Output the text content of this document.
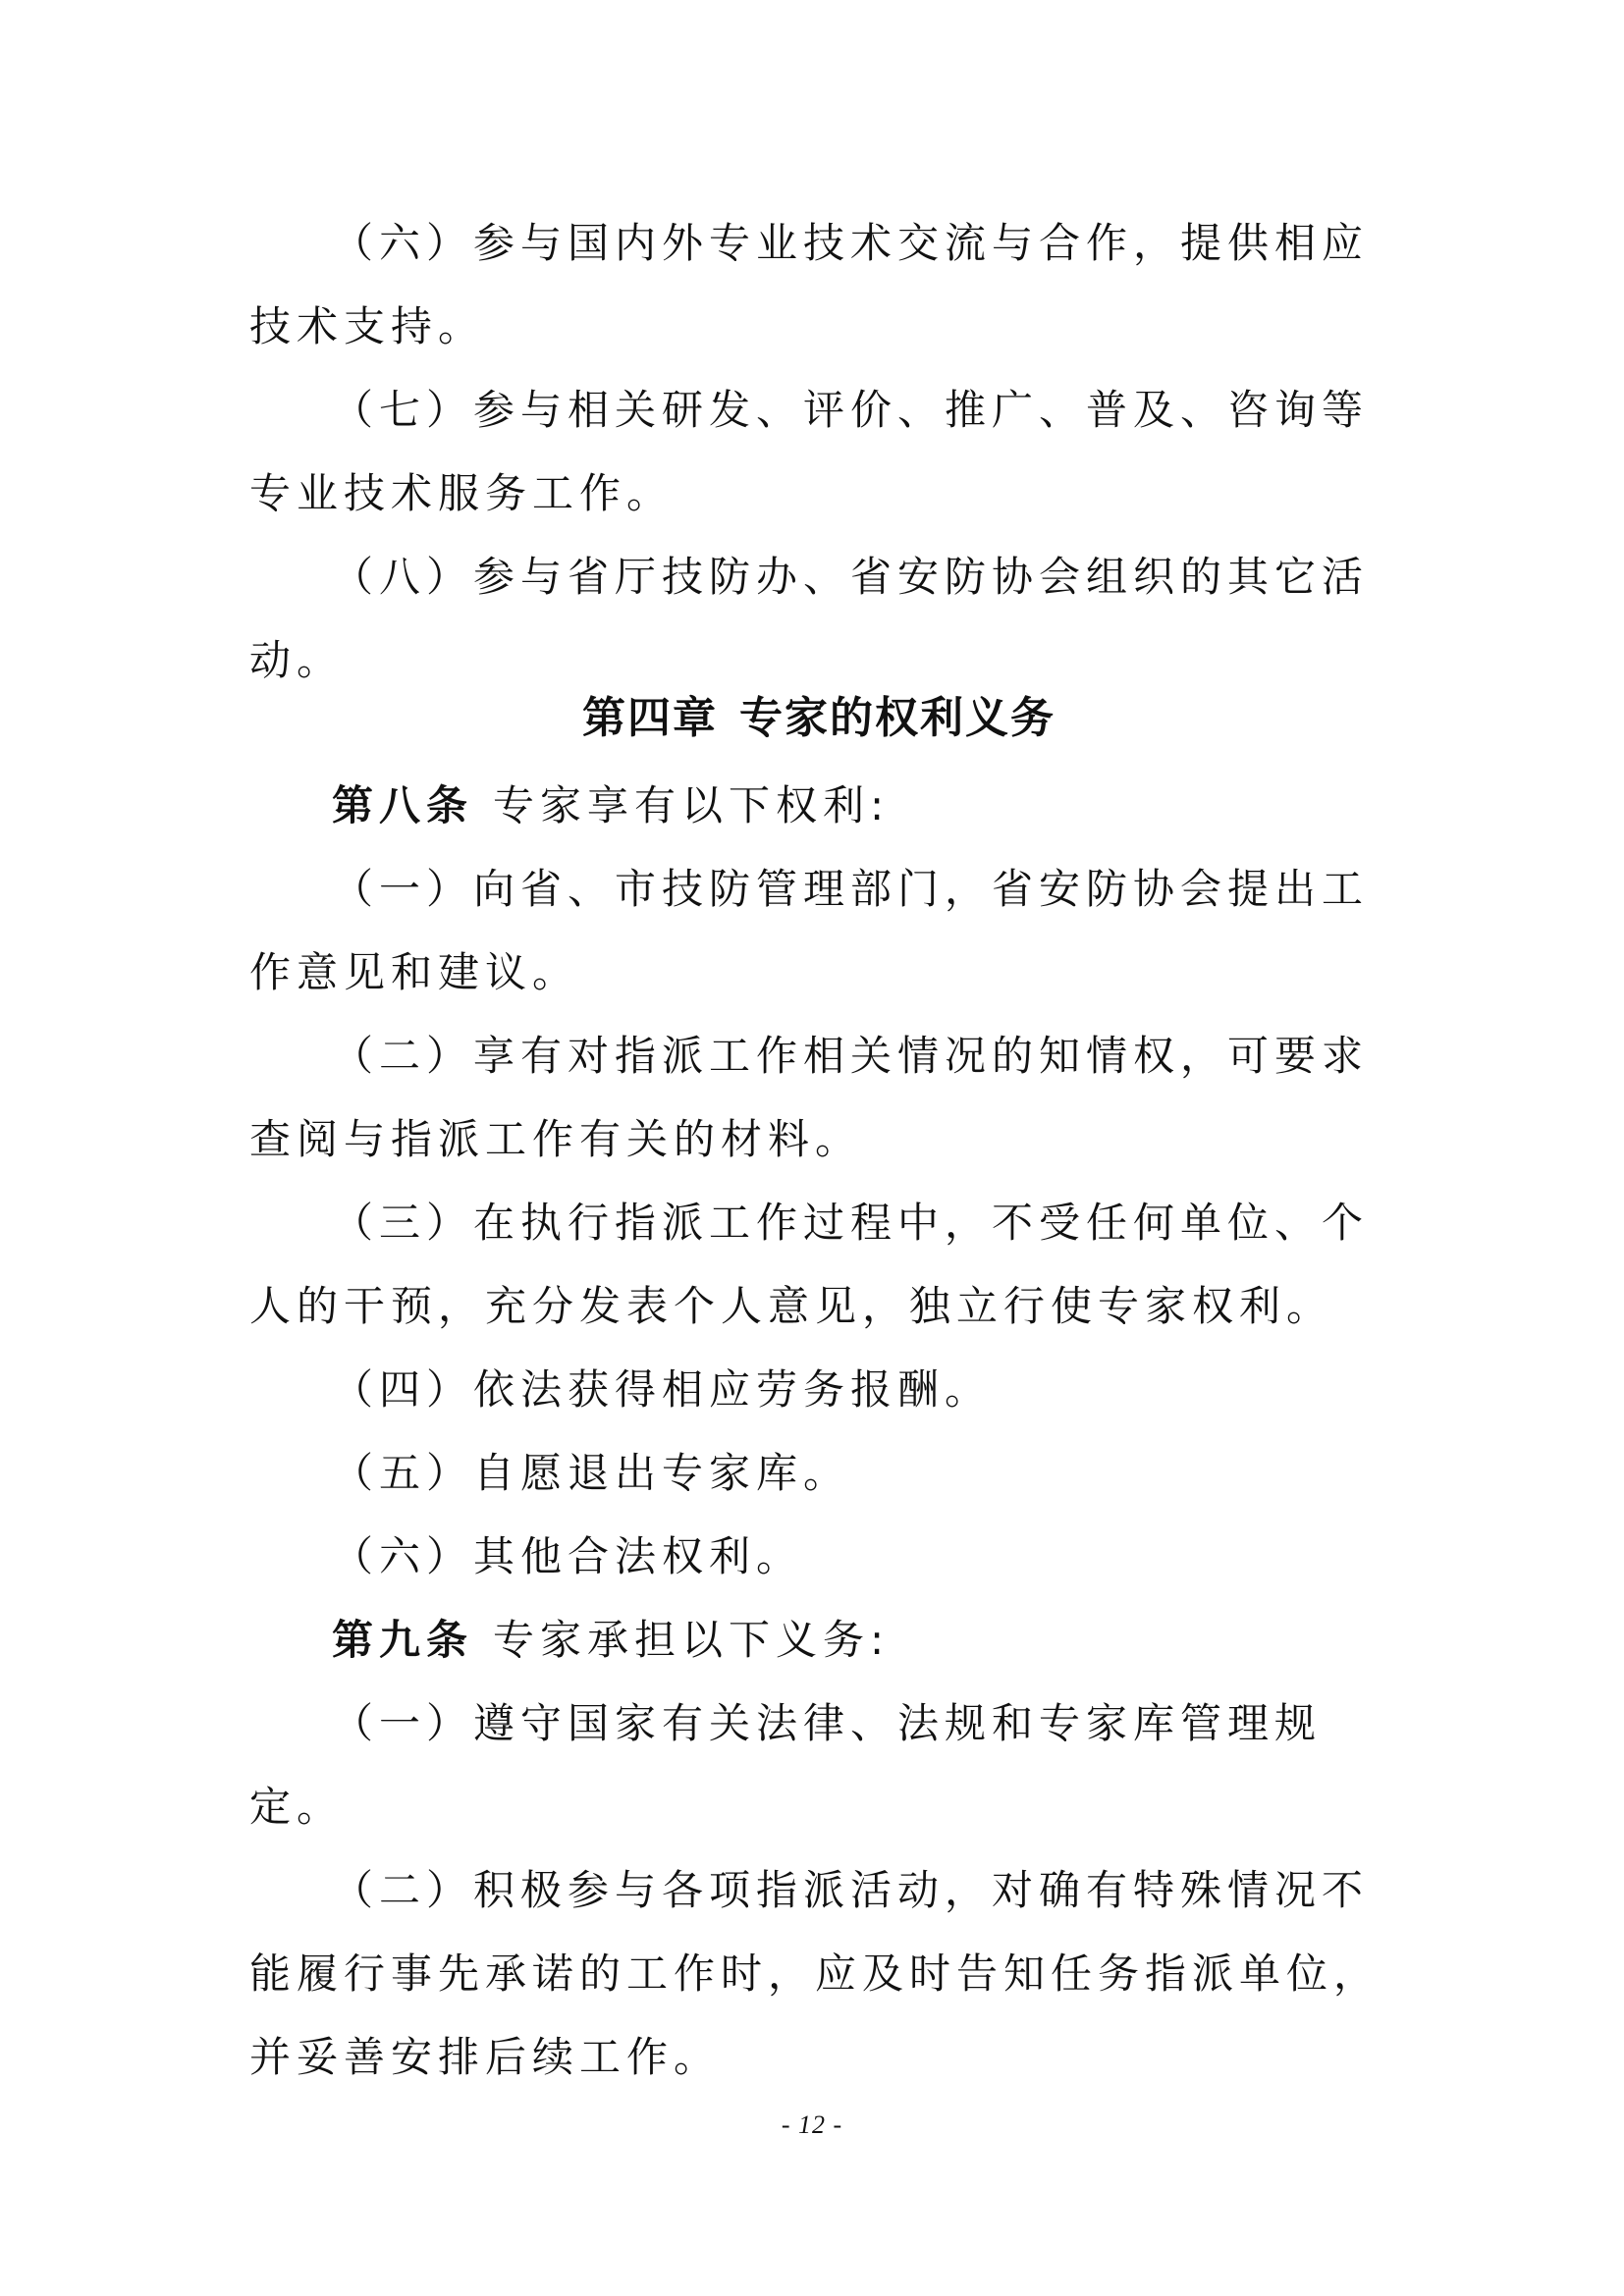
（六）参与国内外专业技术交流与合作，提供相应技术支持。

（七）参与相关研发、评价、推广、普及、咨询等专业技术服务工作。

（八）参与省厅技防办、省安防协会组织的其它活动。

第四章 专家的权利义务

第八条 专家享有以下权利:

（一）向省、市技防管理部门，省安防协会提出工作意见和建议。

（二）享有对指派工作相关情况的知情权，可要求查阅与指派工作有关的材料。

（三）在执行指派工作过程中，不受任何单位、个人的干预，充分发表个人意见，独立行使专家权利。

（四）依法获得相应劳务报酬。

（五）自愿退出专家库。

（六）其他合法权利。

第九条 专家承担以下义务:

（一）遵守国家有关法律、法规和专家库管理规定。

（二）积极参与各项指派活动，对确有特殊情况不能履行事先承诺的工作时，应及时告知任务指派单位，并妥善安排后续工作。

- 12 -
